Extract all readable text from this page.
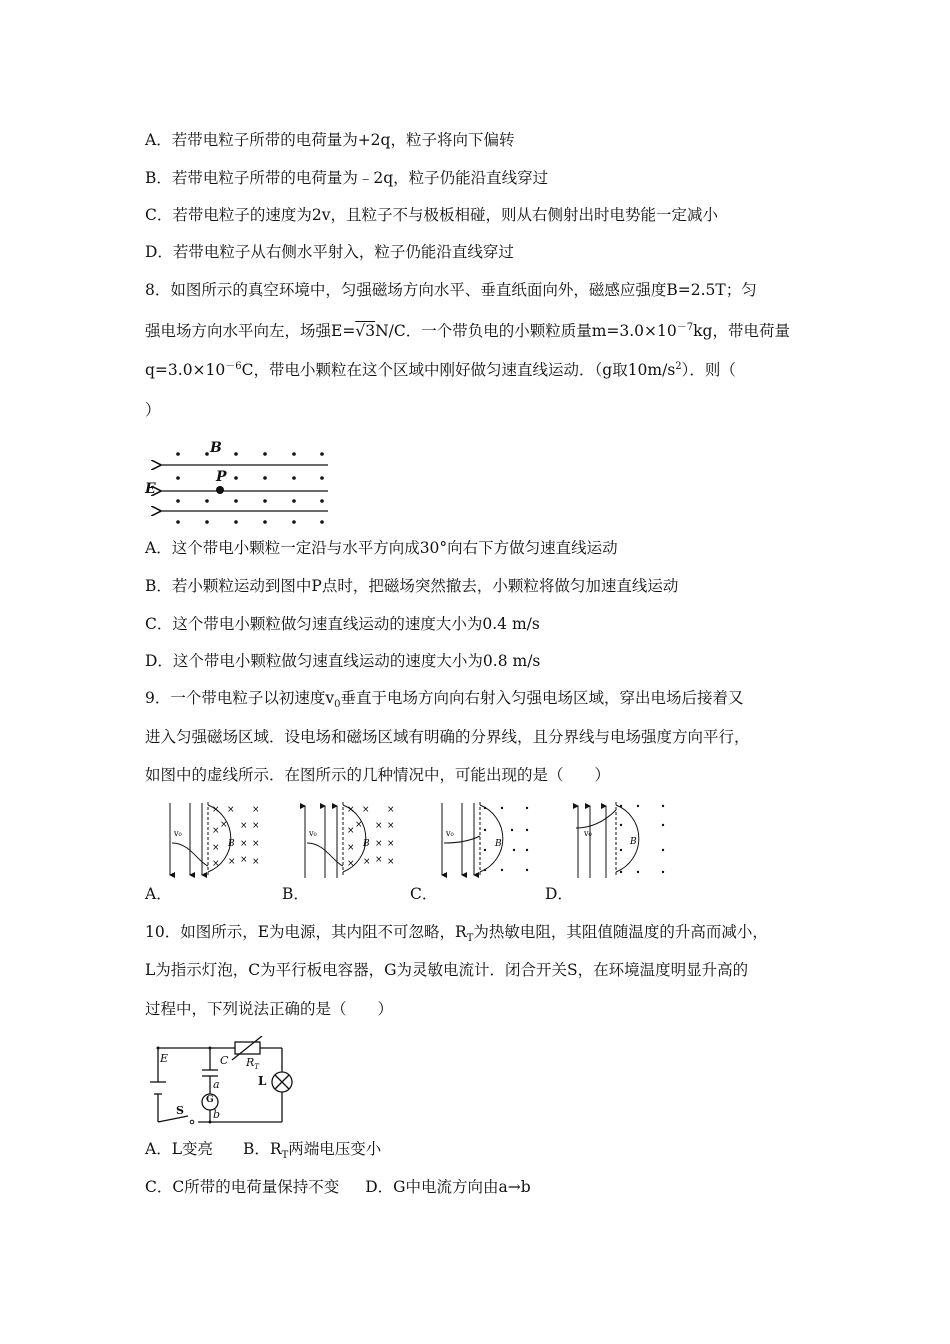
A．若带电粒子所带的电荷量为+2q，粒子将向下偏转
B．若带电粒子所带的电荷量为﹣2q，粒子仍能沿直线穿过
C．若带电粒子的速度为2v，且粒子不与极板相碰，则从右侧射出时电势能一定减小
D．若带电粒子从右侧水平射入，粒子仍能沿直线穿过
8．如图所示的真空环境中，匀强磁场方向水平、垂直纸面向外，磁感应强度B=2.5T；匀
强电场方向水平向左，场强E=√3N/C．一个带负电的小颗粒质量$m=3.0\times 10^{-7}kg$，带电荷量
$q=3.0\times 10^{-6}C$，带电小颗粒在这个区域中刚好做匀速直线运动．（g取$10m/s^2$）．则（
）
B
P
E
A．这个带电小颗粒一定沿与水平方向成30°向右下方做匀速直线运动
B．若小颗粒运动到图中P点时，把磁场突然撤去，小颗粒将做匀加速直线运动
C．这个带电小颗粒做匀速直线运动的速度大小为0.4 m/s
D．这个带电小颗粒做匀速直线运动的速度大小为0.8 m/s
9．一个带电粒子以初速度$v_0$垂直于电场方向向右射入匀强电场区域，穿出电场后接着又
进入匀强磁场区域．设电场和磁场区域有明确的分界线，且分界线与电场强度方向平行，
如图中的虚线所示．在图所示的几种情况中，可能出现的是（　　）
v₀
B
× × ×
×
× × ×
× × ×
× × × ×
v₀
B
× × ×
×
× × ×
× × ×
× × × ×
v₀
B
v₀
B
A．	B．	C．	D．
10．如图所示，E为电源，其内阻不可忽略，$R_T$为热敏电阻，其阻值随温度的升高而减小，
L为指示灯泡，C为平行板电容器，G为灵敏电流计．闭合开关S，在环境温度明显升高的
过程中，下列说法正确的是（　　）
E	C $R_T$
L
a
G
b
S
A．L变亮 B．$R_T$两端电压变小
C．C所带的电荷量保持不变 D．G中电流方向由a→b
